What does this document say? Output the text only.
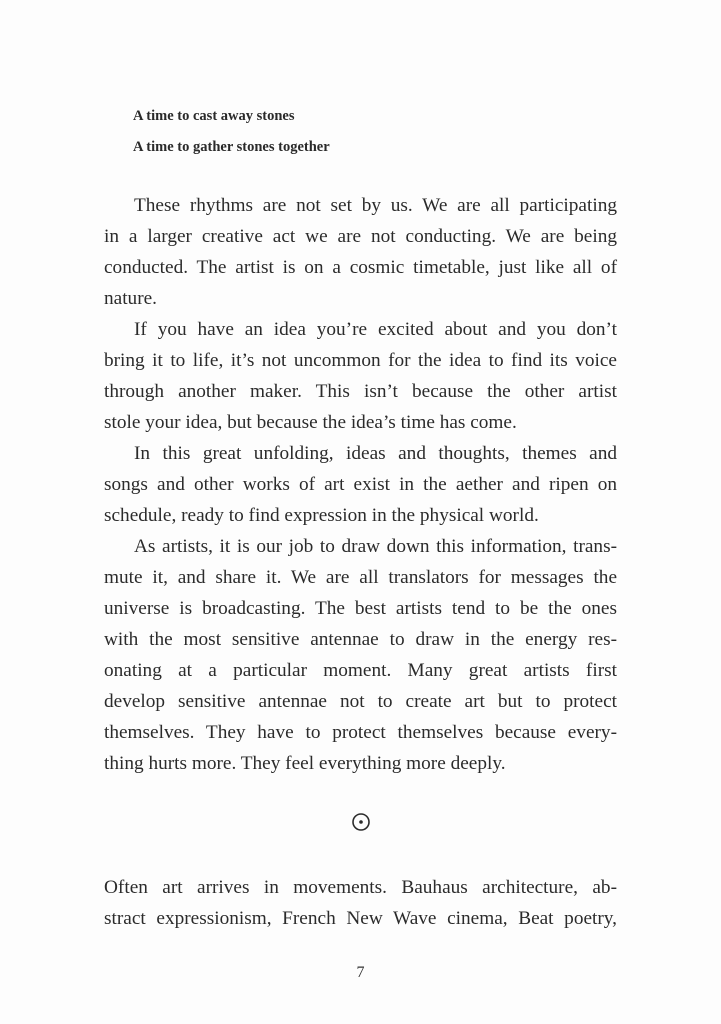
A time to cast away stones
A time to gather stones together

These rhythms are not set by us. We are all participating
in a larger creative act we are not conducting. We are being
conducted. The artist is on a cosmic timetable, just like all of
nature.

If you have an idea you’re excited about and you don’t
bring it to life, it’s not uncommon for the idea to find its voice
through another maker. This isn’t because the other artist
stole your idea, but because the idea’s time has come.

In this great unfolding, ideas and thoughts, themes and
songs and other works of art exist in the aether and ripen on
schedule, ready to find expression in the physical world.

As artists, it is our job to draw down this information, trans-
mute it, and share it. We are all translators for messages the
universe is broadcasting. The best artists tend to be the ones
with the most sensitive antennae to draw in the energy res-
onating at a particular moment. Many great artists first
develop sensitive antennae not to create art but to protect
themselves. They have to protect themselves because every-
thing hurts more. They feel everything more deeply.

Often art arrives in movements. Bauhaus architecture, ab-
stract expressionism, French New Wave cinema, Beat poetry,

7
